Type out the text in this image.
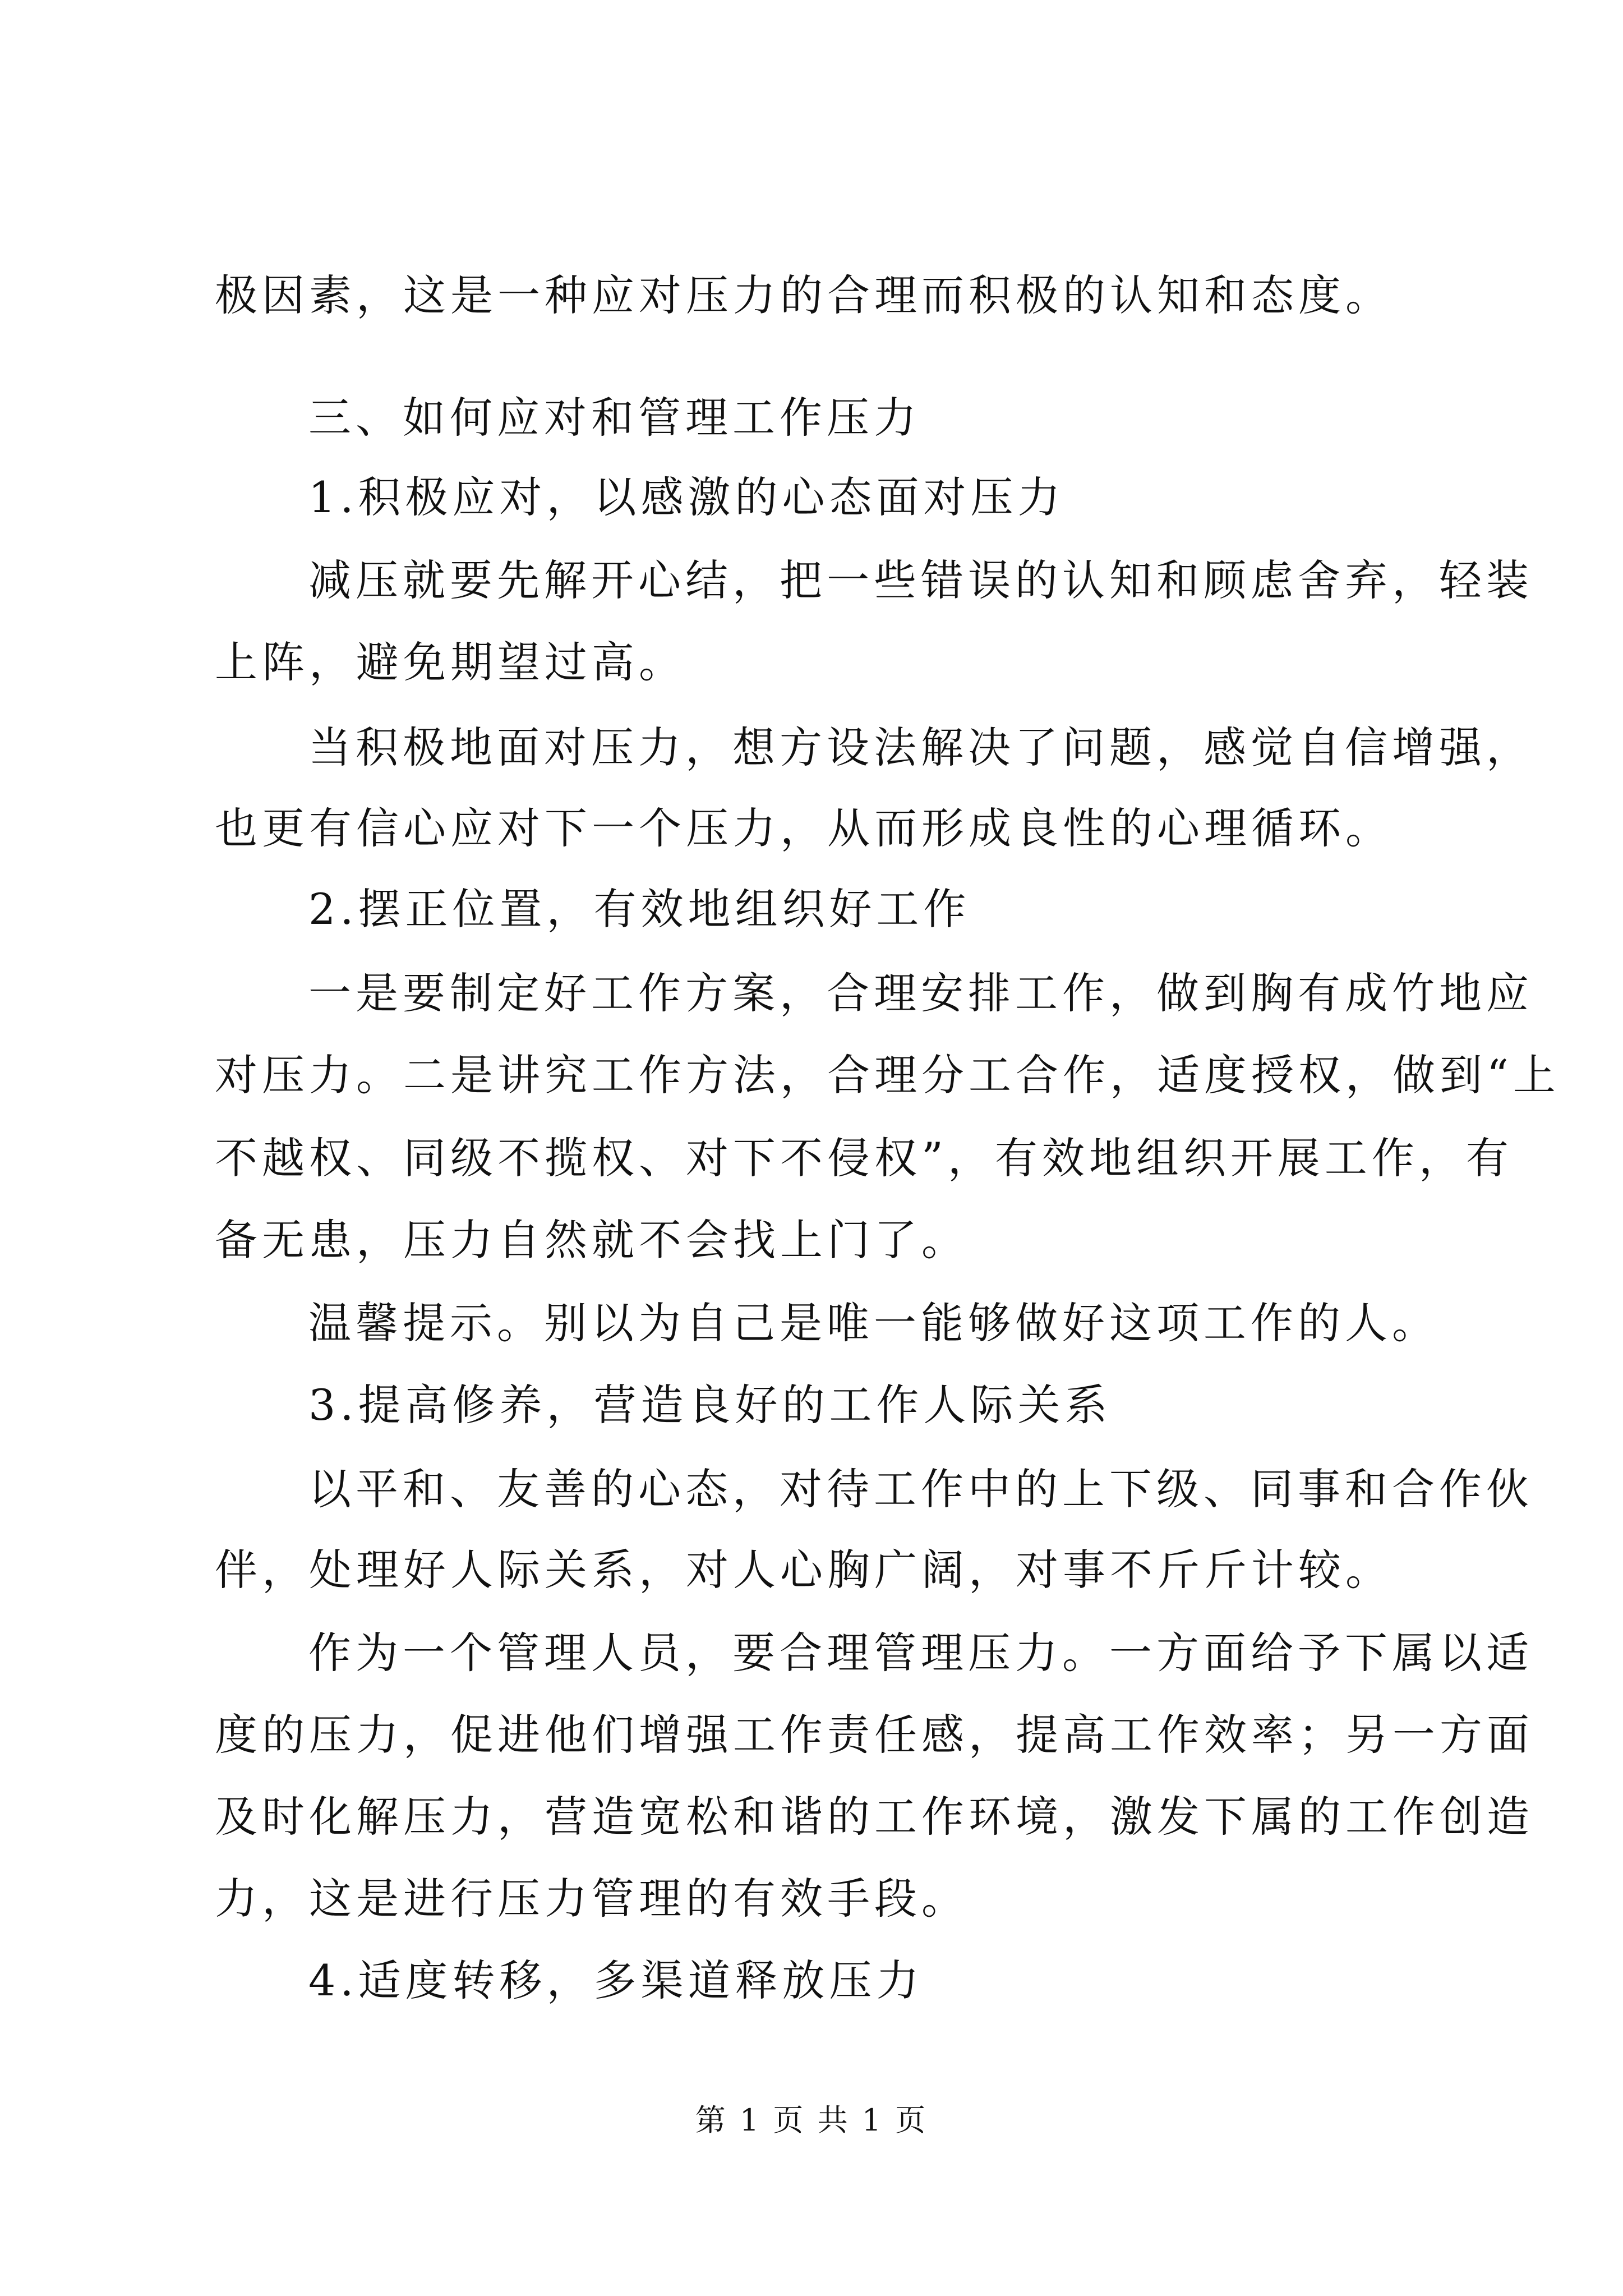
极因素，这是一种应对压力的合理而积极的认知和态度。
三、如何应对和管理工作压力
1.积极应对，以感激的心态面对压力
减压就要先解开心结，把一些错误的认知和顾虑舍弃，轻装
上阵，避免期望过高。
当积极地面对压力，想方设法解决了问题，感觉自信增强，
也更有信心应对下一个压力，从而形成良性的心理循环。
2.摆正位置，有效地组织好工作
一是要制定好工作方案，合理安排工作，做到胸有成竹地应
对压力。二是讲究工作方法，合理分工合作，适度授权，做到“上
不越权、同级不揽权、对下不侵权”，有效地组织开展工作，有
备无患，压力自然就不会找上门了。
温馨提示。别以为自己是唯一能够做好这项工作的人。
3.提高修养，营造良好的工作人际关系
以平和、友善的心态，对待工作中的上下级、同事和合作伙
伴，处理好人际关系，对人心胸广阔，对事不斤斤计较。
作为一个管理人员，要合理管理压力。一方面给予下属以适
度的压力，促进他们增强工作责任感，提高工作效率；另一方面
及时化解压力，营造宽松和谐的工作环境，激发下属的工作创造
力，这是进行压力管理的有效手段。
4.适度转移，多渠道释放压力
第 1 页 共 1 页
